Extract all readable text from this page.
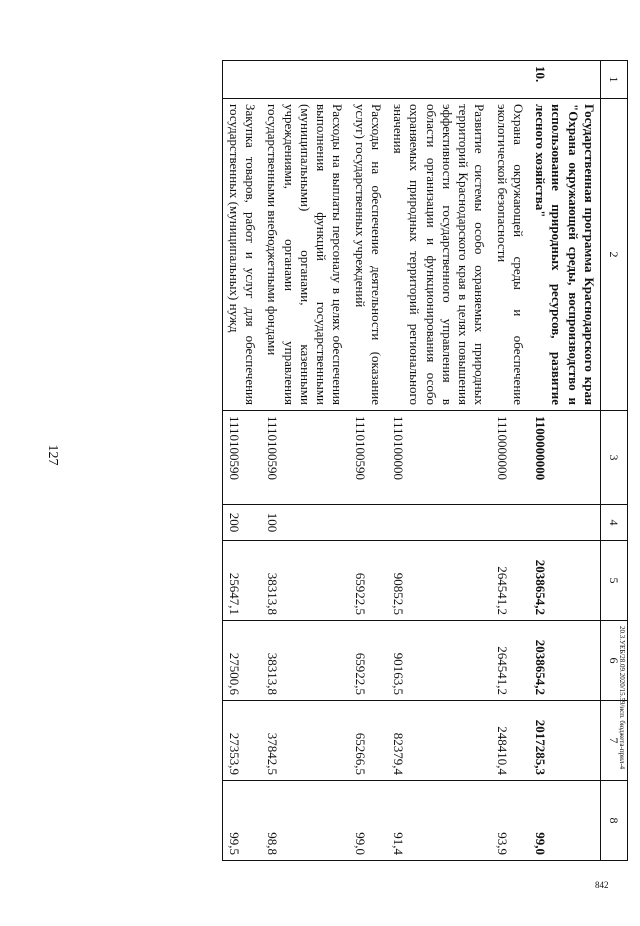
127
20.3.УЕБ/28.09.2020/15.59/исп. бюджета-прил-4
842
1	2	3	4	5	6	7	8
10.	Государственная программа Краснодарского края "Охрана окружающей среды, воспроизводство и использование природных ресурсов, развитие лесного хозяйства"	1100000000		2038654,2	2038654,2	2017285,3	99,0
	Охрана окружающей среды и обеспечение экологической безопасности	1110000000		264541,2	264541,2	248410,4	93,9
	Развитие системы особо охраняемых природных территорий Краснодарского края в целях повышения эффективности государственного управления в области организации и функционирования особо охраняемых природных территорий регионального значения	1110100000		90852,5	90163,5	82379,4	91,4
	Расходы на обеспечение деятельности (оказание услуг) государственных учреждений	1110100590		65922,5	65922,5	65266,5	99,0
	Расходы на выплаты персоналу в целях обеспечения выполнения функций государственными (муниципальными) органами, казенными учреждениями, органами управления государственными внебюджетными фондами	1110100590	100	38313,8	38313,8	37842,5	98,8
	Закупка товаров, работ и услуг для обеспечения государственных (муниципальных) нужд	1110100590	200	25647,1	27500,6	27353,9	99,5
